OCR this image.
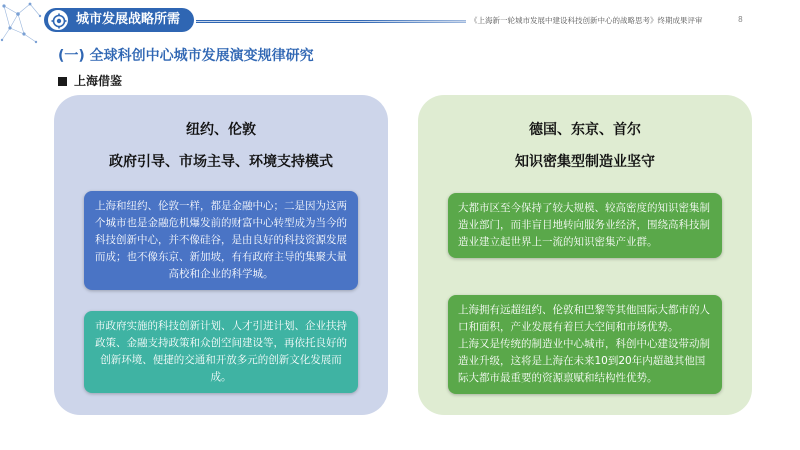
城市发展战略所需	《上海新一轮城市发展中建设科技创新中心的战略思考》终期成果评审	8
(一) 全球科创中心城市发展演变规律研究
上海借鉴
纽约、伦敦
政府引导、市场主导、环境支持模式
上海和纽约、伦敦一样，都是金融中心；二是因为这两个城市也是金融危机爆发前的财富中心转型成为当今的科技创新中心，并不像硅谷，是由良好的科技资源发展而成；也不像东京、新加坡，有有政府主导的集聚大量高校和企业的科学城。
市政府实施的科技创新计划、人才引进计划、企业扶持政策、金融支持政策和众创空间建设等，再依托良好的创新环境、便捷的交通和开放多元的创新文化发展而成。
德国、东京、首尔
知识密集型制造业坚守
大都市区至今保持了较大规模、较高密度的知识密集制造业部门，而非盲目地转向服务业经济，围绕高科技制造业建立起世界上一流的知识密集产业群。
上海拥有远超纽约、伦敦和巴黎等其他国际大都市的人口和面积，产业发展有着巨大空间和市场优势。
上海又是传统的制造业中心城市，科创中心建设带动制造业升级，这将是上海在未来10到20年内超越其他国际大都市最重要的资源禀赋和结构性优势。
